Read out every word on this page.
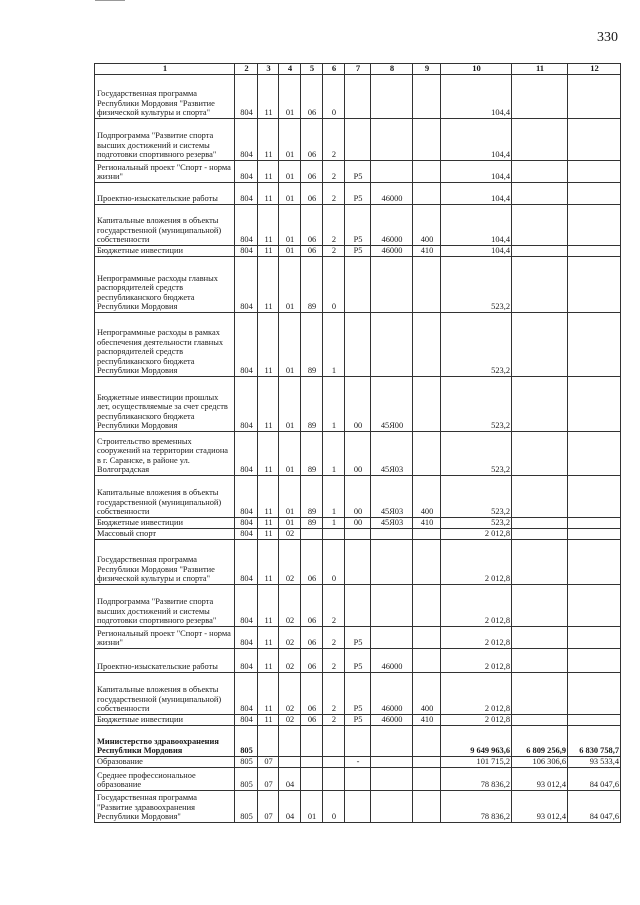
330
1	2	3	4	5	6	7	8	9	10	11	12
Государственная программа Республики Мордовия "Развитие физической культуры и спорта"	804	11	01	06	0				104,4		
Подпрограмма "Развитие спорта высших достижений и системы подготовки спортивного резерва"	804	11	01	06	2				104,4		
Региональный проект "Спорт - норма жизни"	804	11	01	06	2	P5			104,4		
Проектно-изыскательские работы	804	11	01	06	2	P5	46000		104,4		
Капитальные вложения в объекты государственной (муниципальной) собственности	804	11	01	06	2	P5	46000	400	104,4		
Бюджетные инвестиции	804	11	01	06	2	P5	46000	410	104,4		
Непрограммные расходы главных распорядителей средств республиканского бюджета Республики Мордовия	804	11	01	89	0				523,2		
Непрограммные расходы в рамках обеспечения деятельности главных распорядителей средств республиканского бюджета Республики Мордовия	804	11	01	89	1				523,2		
Бюджетные инвестиции прошлых лет, осуществляемые за счет средств республиканского бюджета Республики Мордовия	804	11	01	89	1	00	45Я00		523,2		
Строительство временных сооружений на территории стадиона в г. Саранске, в районе ул. Волгоградская	804	11	01	89	1	00	45Я03		523,2		
Капитальные вложения в объекты государственной (муниципальной) собственности	804	11	01	89	1	00	45Я03	400	523,2		
Бюджетные инвестиции	804	11	01	89	1	00	45Я03	410	523,2		
Массовый спорт	804	11	02						2 012,8		
Государственная программа Республики Мордовия "Развитие физической культуры и спорта"	804	11	02	06	0				2 012,8		
Подпрограмма "Развитие спорта высших достижений и системы подготовки спортивного резерва"	804	11	02	06	2				2 012,8		
Региональный проект "Спорт - норма жизни"	804	11	02	06	2	P5			2 012,8		
Проектно-изыскательские работы	804	11	02	06	2	P5	46000		2 012,8		
Капитальные вложения в объекты государственной (муниципальной) собственности	804	11	02	06	2	P5	46000	400	2 012,8		
Бюджетные инвестиции	804	11	02	06	2	P5	46000	410	2 012,8		
Министерство здравоохранения Республики Мордовия	805								9 649 963,6	6 809 256,9	6 830 758,7
Образование	805	07				-			101 715,2	106 306,6	93 533,4
Среднее профессиональное образование	805	07	04						78 836,2	93 012,4	84 047,6
Государственная программа "Развитие здравоохранения Республики Мордовия"	805	07	04	01	0				78 836,2	93 012,4	84 047,6
